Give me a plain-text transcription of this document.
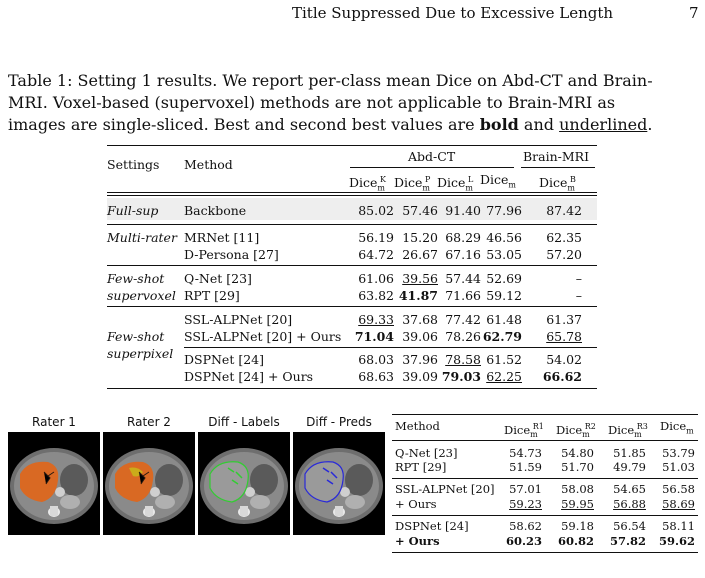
Title Suppressed Due to Excessive Length	7
Table 1: Setting 1 results. We report per-class mean Dice on Abd-CT and Brain-
MRI. Voxel-based (supervoxel) methods are not applicable to Brain-MRI as
images are single-sliced. Best and second best values are bold and underlined.
Settings Method
Abd-CT	Brain-MRI
Dice$_m^K$ Dice$_m^P$ Dice$_m^L$ Dice$_m$ Dice$_m^B$
Full-sup Backbone	85.02 57.46 91.40 77.96 87.42
Multi-rater MRNet [11]	56.19 15.20 68.29 46.56 62.35
D-Persona [27]	64.72 26.67 67.16 53.05 57.20
Few-shot
supervoxel
Q-Net [23]	61.06 39.56 57.44 52.69	–
RPT [29]	63.82 41.87 71.66 59.12	–
Few-shot
superpixel
SSL-ALPNet [20]	69.33 37.68 77.42 61.48 61.37
SSL-ALPNet [20] + Ours 71.04 39.06 78.26 62.79 65.78
DSPNet [24]	68.03 37.96 78.58 61.52 54.02
DSPNet [24] + Ours	68.63 39.09 79.03 62.25 66.62
Rater 1	Rater 2	Diff - Labels	Diff - Preds	Method	Dice$_m^{R1}$ Dice$_m^{R2}$ Dice$_m^{R3}$ Dice$_m$
Q-Net [23]	54.73 54.80 51.85 53.79
RPT [29]	51.59 51.70 49.79 51.03
SSL-ALPNet [20] 57.01 58.08 54.65 56.58
+ Ours	59.23 59.95 56.88 58.69
DSPNet [24]	58.62 59.18 56.54 58.11
+ Ours	60.23 60.82 57.82 59.62
